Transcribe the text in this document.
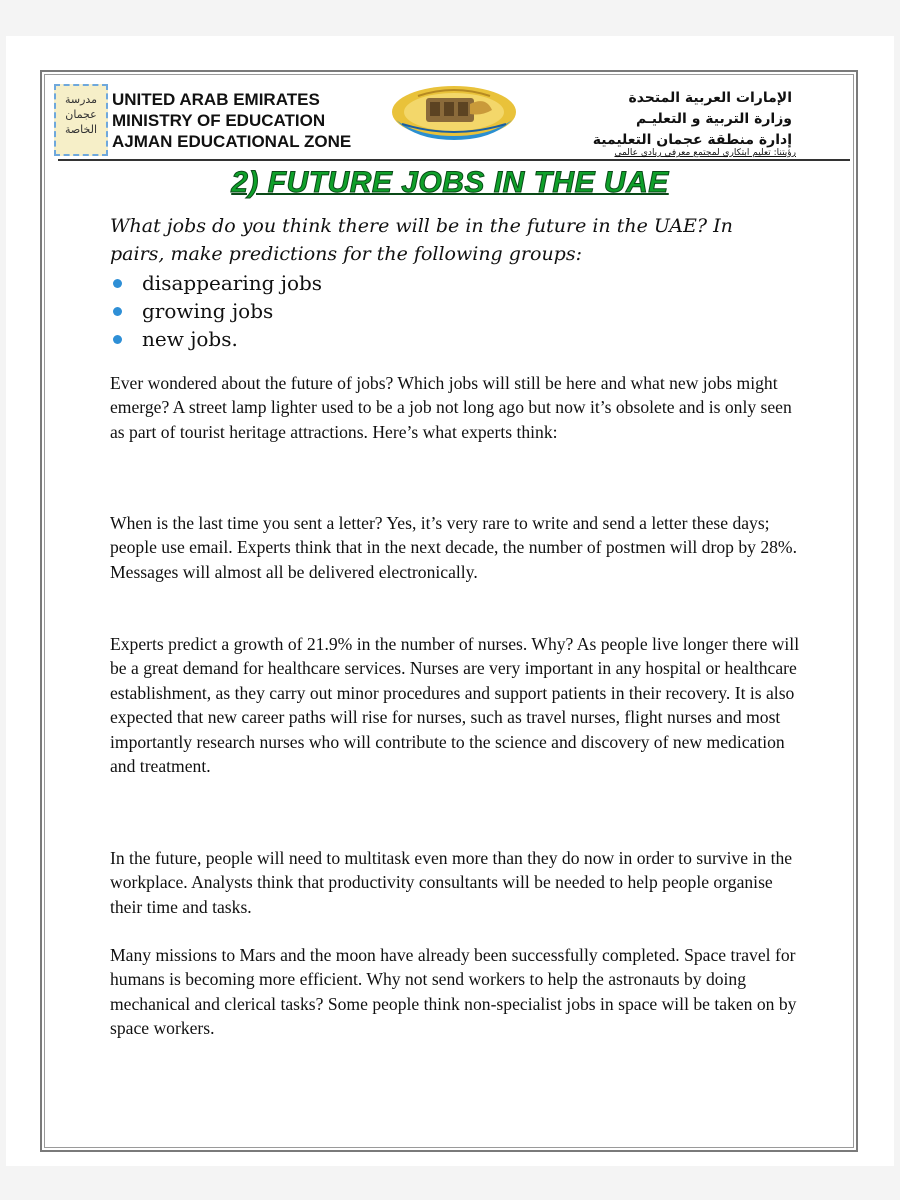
مدرسة
عجمان
الخاصة
UNITED ARAB EMIRATES
MINISTRY OF EDUCATION
AJMAN EDUCATIONAL ZONE
الإمارات العربية المتحدة
وزارة التربية و التعليـم
إدارة منطقة عجمان التعليمية
رؤيتنا: تعليم ابتكاري لمجتمع معرفي ريادي عالمي
2) FUTURE JOBS IN THE UAE
What jobs do you think there will be in the future in the UAE? In pairs, make predictions for the following groups:
disappearing jobs
growing jobs
new jobs.

Ever wondered about the future of jobs? Which jobs will still be here and what new jobs might emerge? A street lamp lighter used to be a job not long ago but now it’s obsolete and is only seen as part of tourist heritage attractions. Here’s what experts think:

When is the last time you sent a letter? Yes, it’s very rare to write and send a letter these days; people use email. Experts think that in the next decade, the number of postmen will drop by 28%. Messages will almost all be delivered electronically.

Experts predict a growth of 21.9% in the number of nurses. Why? As people live longer there will be a great demand for healthcare services. Nurses are very important in any hospital or healthcare establishment, as they carry out minor procedures and support patients in their recovery. It is also expected that new career paths will rise for nurses, such as travel nurses, flight nurses and most importantly research nurses who will contribute to the science and discovery of new medication and treatment.

In the future, people will need to multitask even more than they do now in order to survive in the workplace. Analysts think that productivity consultants will be needed to help people organise their time and tasks.

Many missions to Mars and the moon have already been successfully completed. Space travel for humans is becoming more efficient. Why not send workers to help the astronauts by doing mechanical and clerical tasks? Some people think non-specialist jobs in space will be taken on by space workers.
